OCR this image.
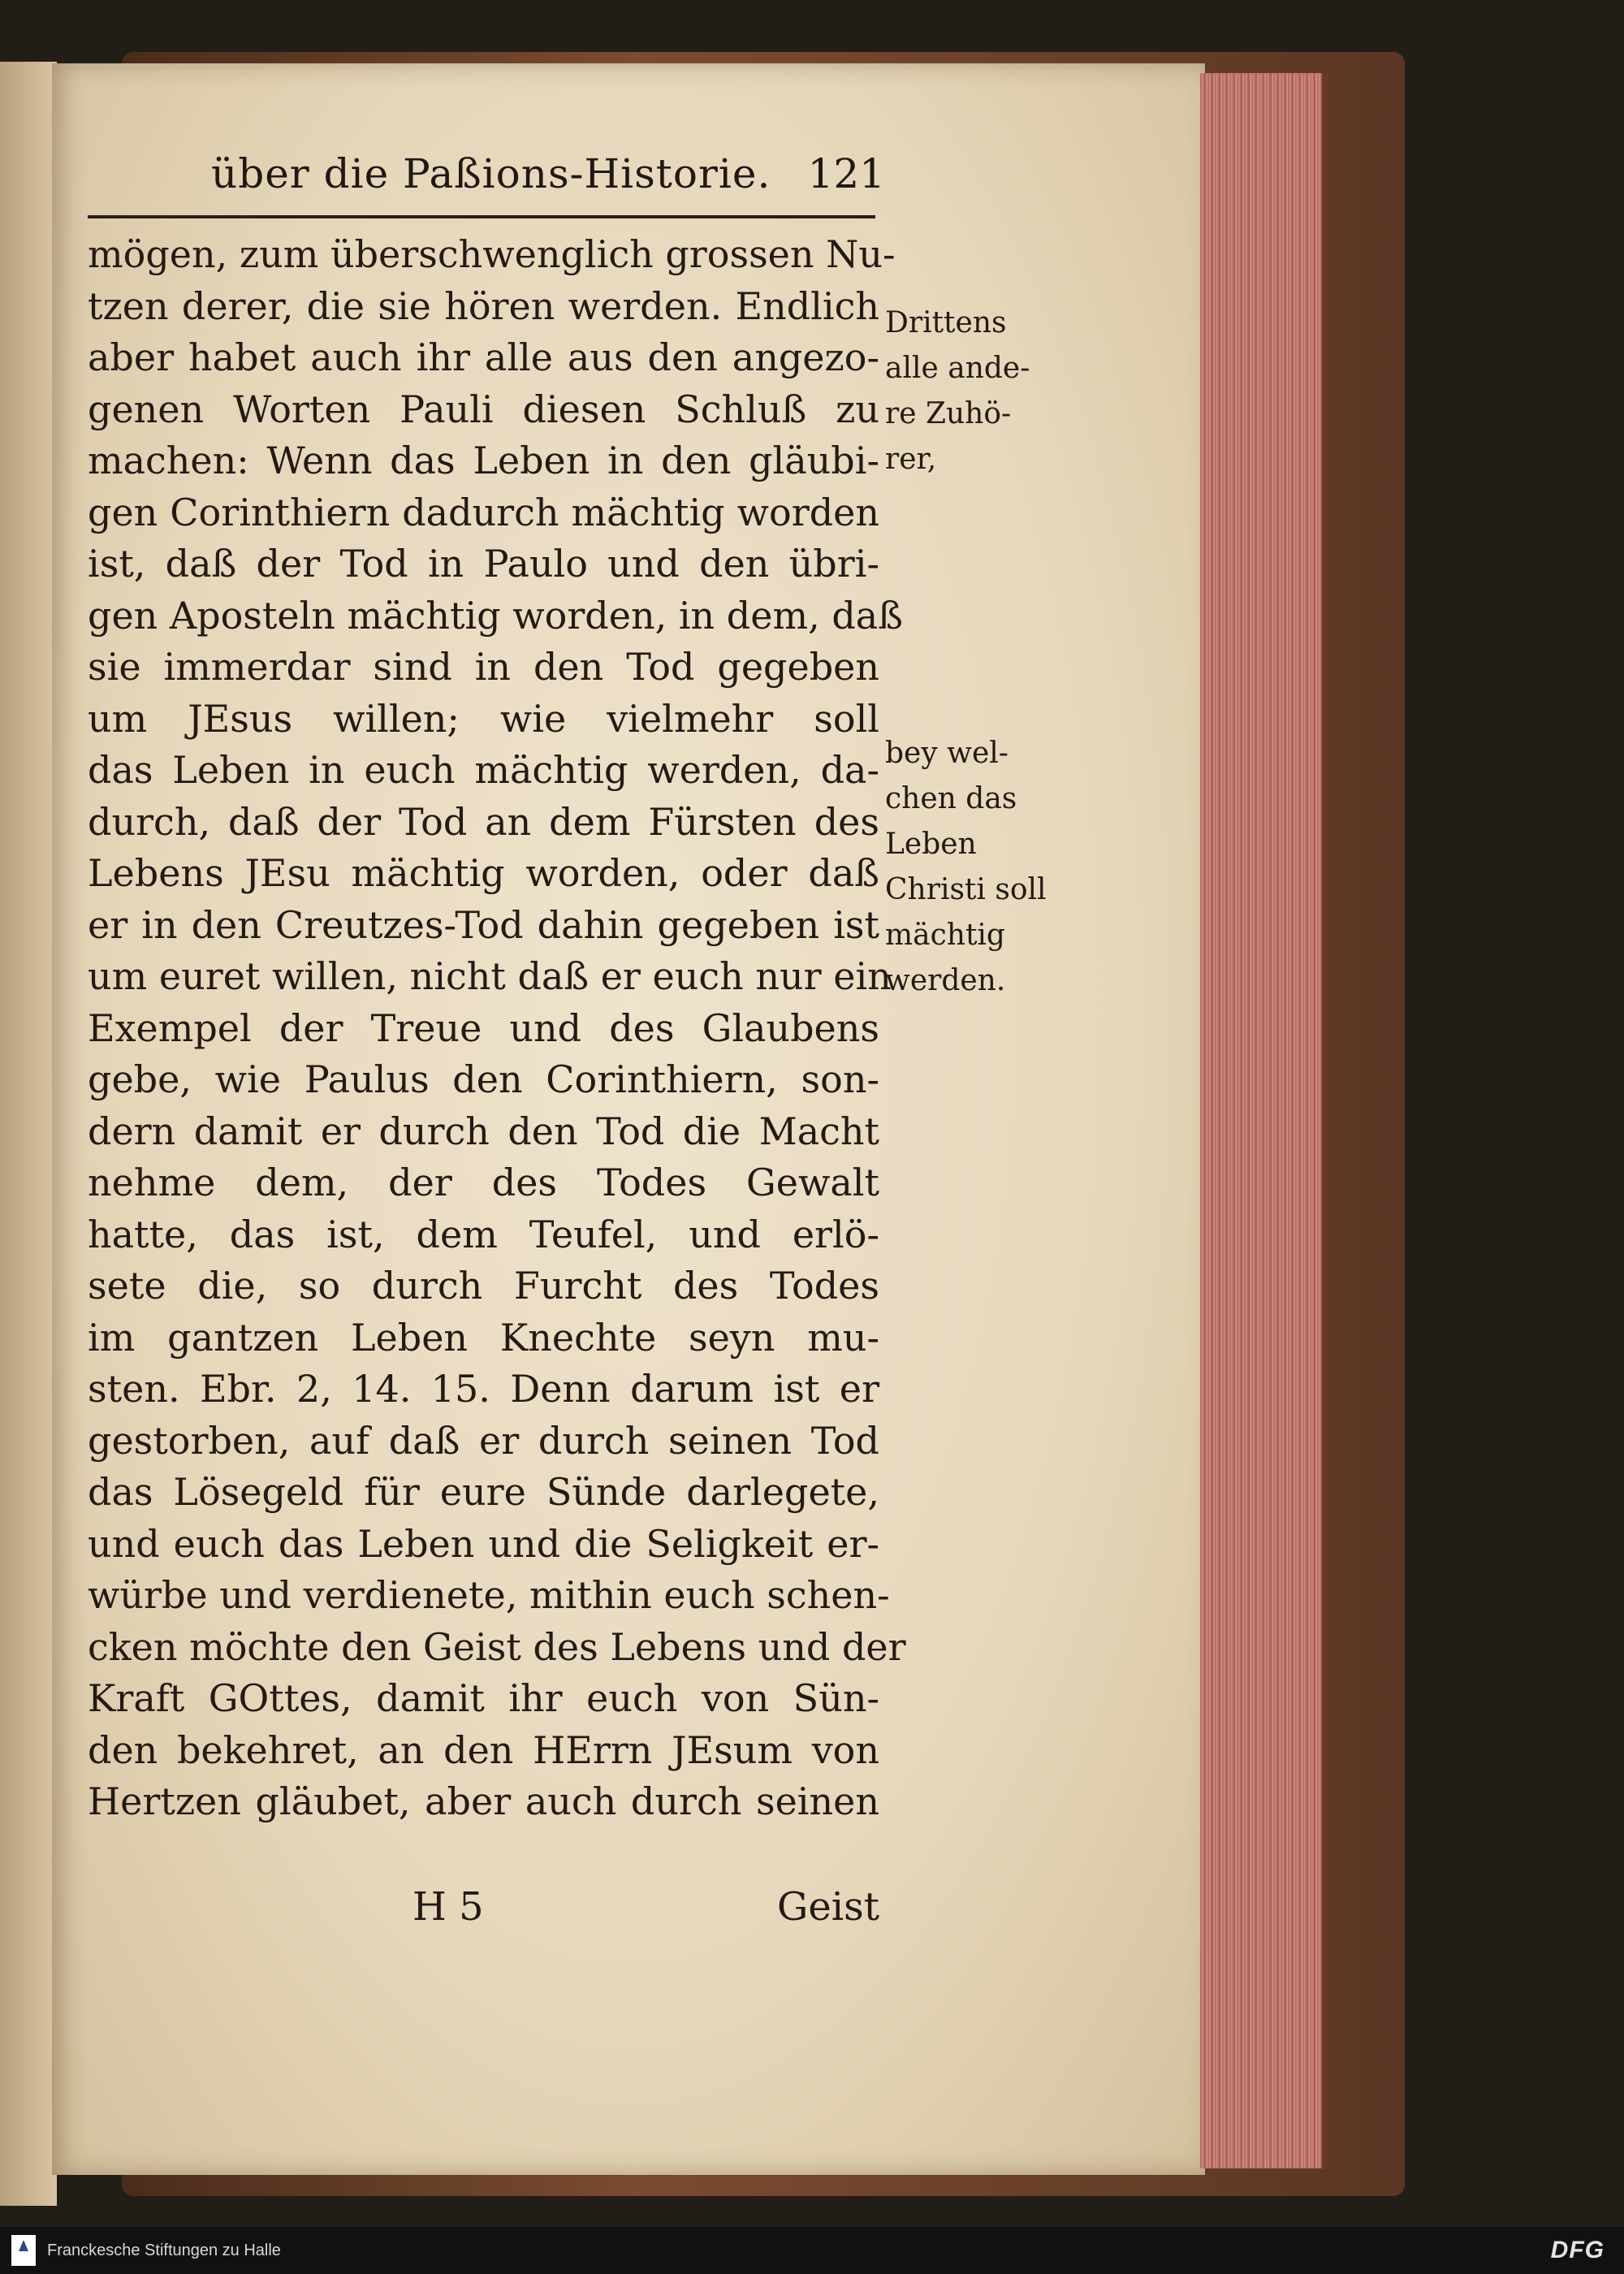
über die Paßions-Historie. 121
mögen, zum überschwenglich grossen Nu-
tzen derer, die sie hören werden. Endlich
aber habet auch ihr alle aus den angezo-
genen Worten Pauli diesen Schluß zu
machen: Wenn das Leben in den gläubi-
gen Corinthiern dadurch mächtig worden
ist, daß der Tod in Paulo und den übri-
gen Aposteln mächtig worden, in dem, daß
sie immerdar sind in den Tod gegeben
um JEsus willen; wie vielmehr soll
das Leben in euch mächtig werden, da-
durch, daß der Tod an dem Fürsten des
Lebens JEsu mächtig worden, oder daß
er in den Creutzes-Tod dahin gegeben ist
um euret willen, nicht daß er euch nur ein
Exempel der Treue und des Glaubens
gebe, wie Paulus den Corinthiern, son-
dern damit er durch den Tod die Macht
nehme dem, der des Todes Gewalt
hatte, das ist, dem Teufel, und erlö-
sete die, so durch Furcht des Todes
im gantzen Leben Knechte seyn mu-
sten. Ebr. 2, 14. 15. Denn darum ist er
gestorben, auf daß er durch seinen Tod
das Lösegeld für eure Sünde darlegete,
und euch das Leben und die Seligkeit er-
würbe und verdienete, mithin euch schen-
cken möchte den Geist des Lebens und der
Kraft GOttes, damit ihr euch von Sün-
den bekehret, an den HErrn JEsum von
Hertzen gläubet, aber auch durch seinen
Drittens
alle ande-
re Zuhö-
rer,
bey wel-
chen das
Leben
Christi soll
mächtig
werden.
H 5	Geist
Franckesche Stiftungen zu Halle	DFG
